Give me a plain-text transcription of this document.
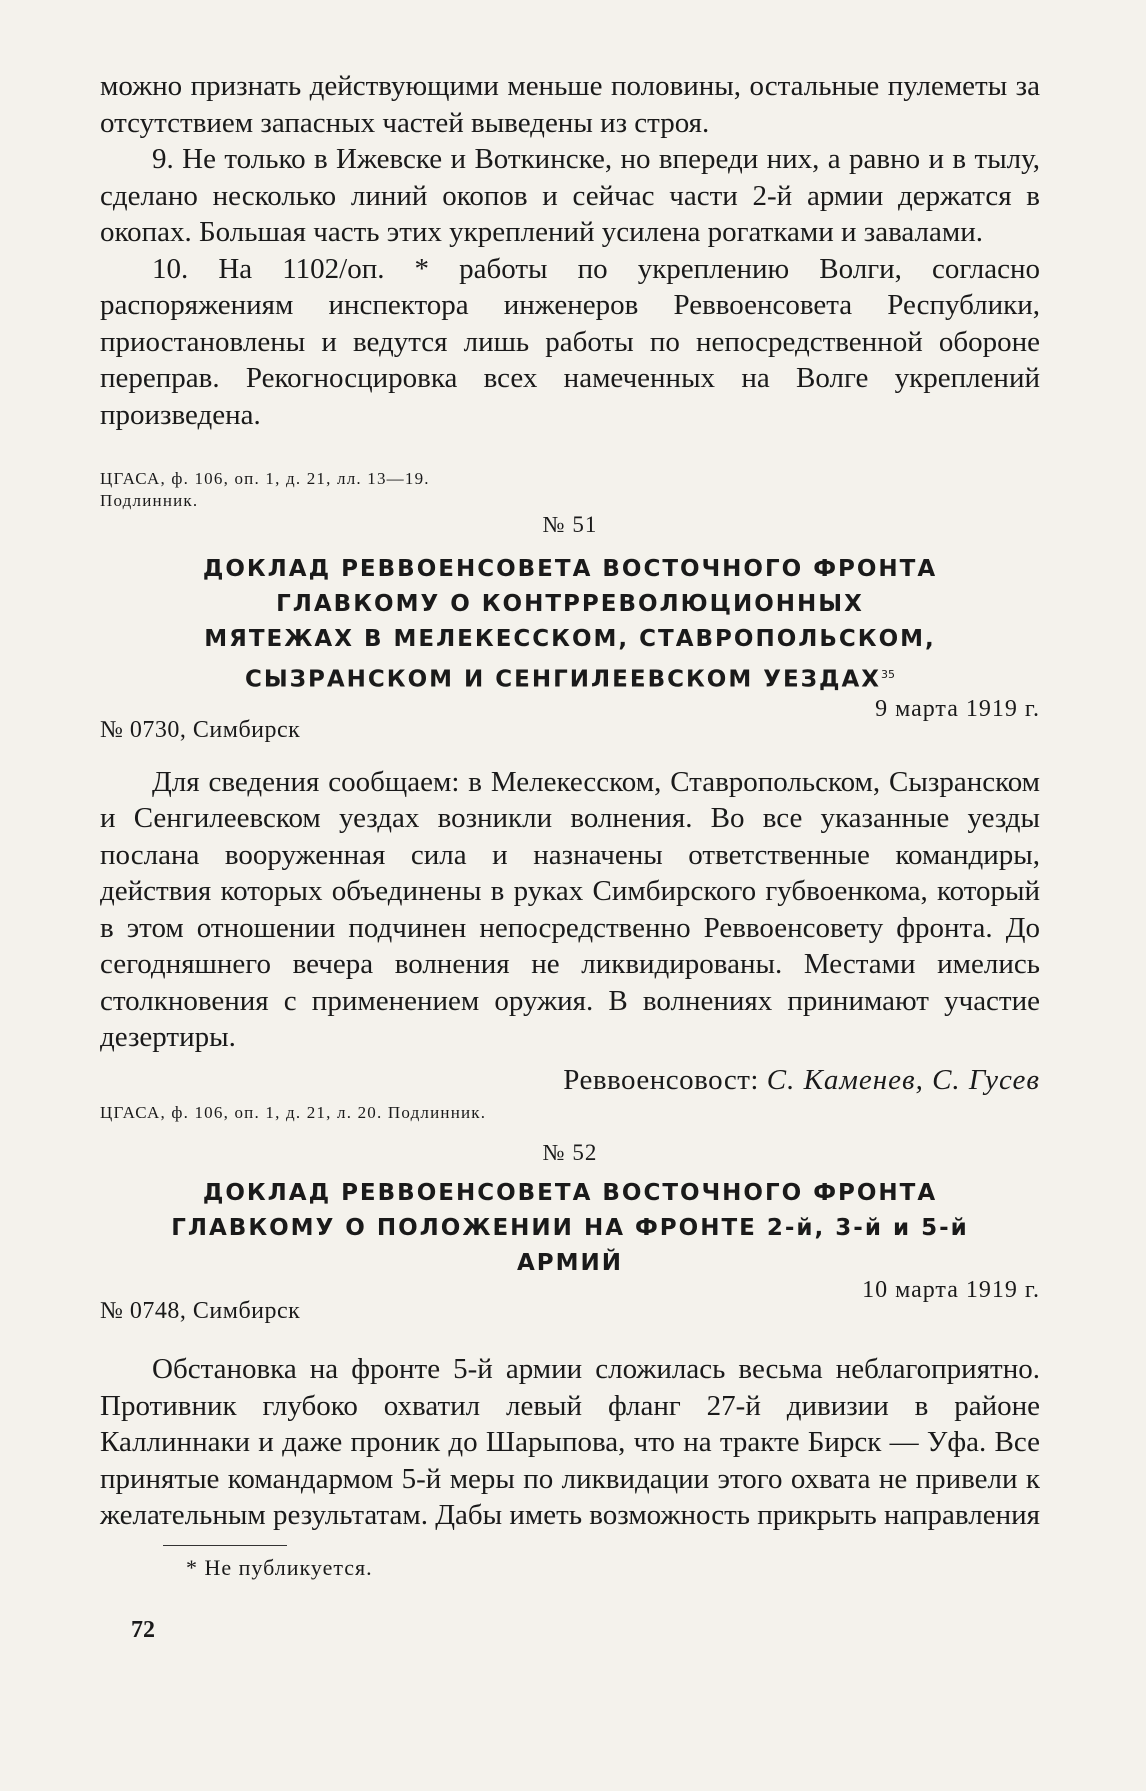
можно признать действующими меньше половины, остальные пулеметы за отсутствием запасных частей выведены из строя.

9. Не только в Ижевске и Воткинске, но впереди них, а равно и в тылу, сделано несколько линий окопов и сейчас части 2-й армии держатся в окопах. Большая часть этих укреплений усилена рогатками и завалами.

10. На 1102/оп. * работы по укреплению Волги, согласно распоряжениям инспектора инженеров Реввоенсовета Республики, приостановлены и ведутся лишь работы по непосредственной обороне переправ. Рекогносцировка всех намеченных на Волге укреплений произведена.

ЦГАСА, ф. 106, оп. 1, д. 21, лл. 13—19. Подлинник.

№ 51

ДОКЛАД РЕВВОЕНСОВЕТА ВОСТОЧНОГО ФРОНТА ГЛАВКОМУ О КОНТРРЕВОЛЮЦИОННЫХ МЯТЕЖАХ В МЕЛЕКЕССКОМ, СТАВРОПОЛЬСКОМ, СЫЗРАНСКОМ И СЕНГИЛЕЕВСКОМ УЕЗДАХ$^{35}$

№ 0730, Симбирск
9 марта 1919 г.

Для сведения сообщаем: в Мелекесском, Ставропольском, Сызранском и Сенгилеевском уездах возникли волнения. Во все указанные уезды послана вооруженная сила и назначены ответственные командиры, действия которых объединены в руках Симбирского губвоенкома, который в этом отношении подчинен непосредственно Реввоенсовету фронта. До сегодняшнего вечера волнения не ликвидированы. Местами имелись столкновения с применением оружия. В волнениях принимают участие дезертиры.

Реввоенсовост: С. Каменев, С. Гусев

ЦГАСА, ф. 106, оп. 1, д. 21, л. 20. Подлинник.

№ 52

ДОКЛАД РЕВВОЕНСОВЕТА ВОСТОЧНОГО ФРОНТА ГЛАВКОМУ О ПОЛОЖЕНИИ НА ФРОНТЕ 2-й, 3-й и 5-й АРМИЙ

№ 0748, Симбирск
10 марта 1919 г.

Обстановка на фронте 5-й армии сложилась весьма неблагоприятно. Противник глубоко охватил левый фланг 27-й дивизии в районе Каллиннаки и даже проник до Шарыпова, что на тракте Бирск — Уфа. Все принятые командармом 5-й меры по ликвидации этого охвата не привели к желательным результатам. Дабы иметь возможность прикрыть направления

* Не публикуется.

72
